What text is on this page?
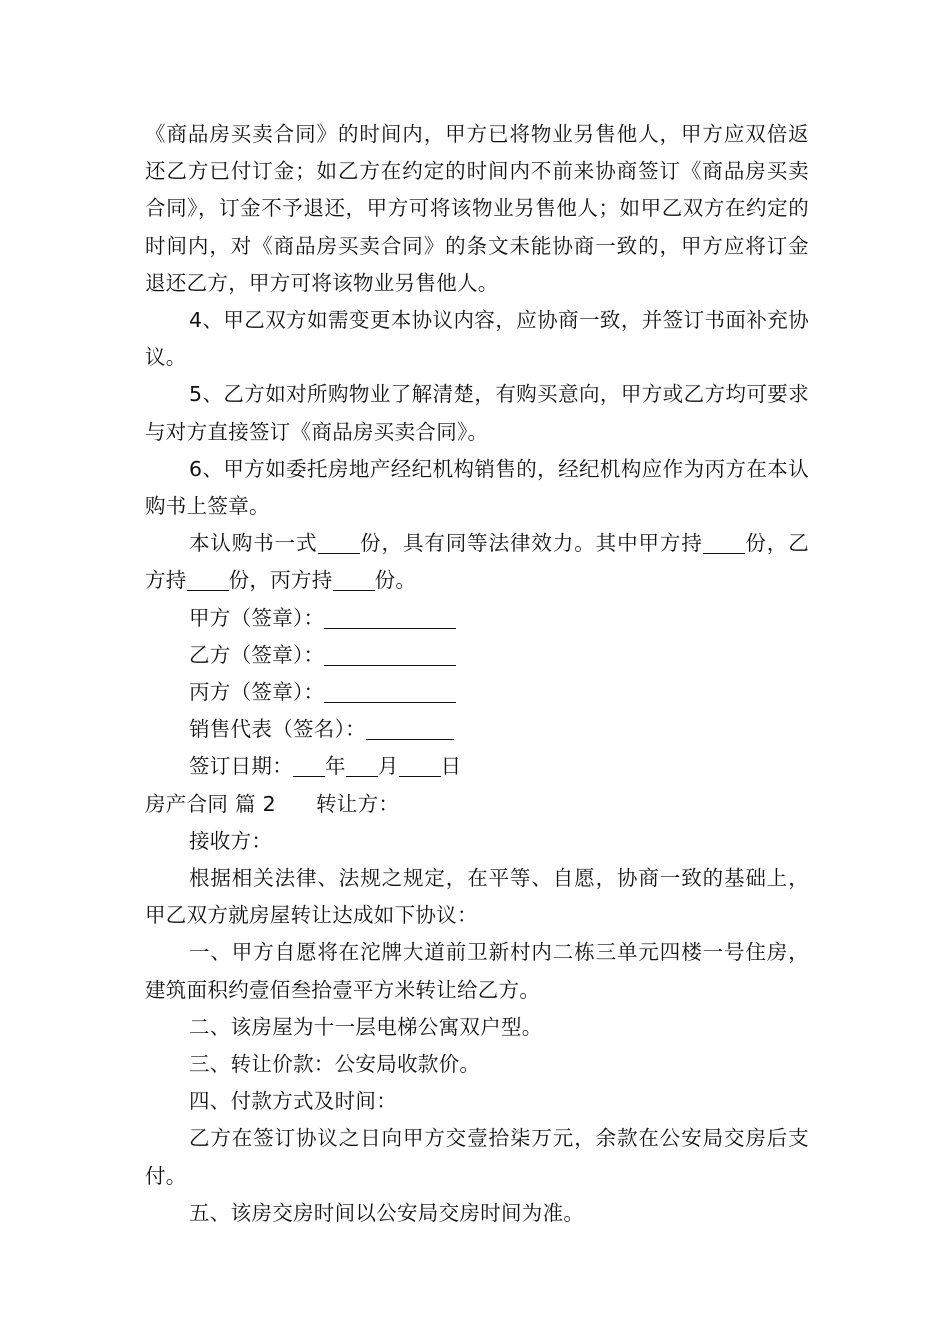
《商品房买卖合同》的时间内，甲方已将物业另售他人，甲方应双倍返还乙方已付订金；如乙方在约定的时间内不前来协商签订《商品房买卖合同》，订金不予退还，甲方可将该物业另售他人；如甲乙双方在约定的时间内，对《商品房买卖合同》的条文未能协商一致的，甲方应将订金退还乙方，甲方可将该物业另售他人。

4、甲乙双方如需变更本协议内容，应协商一致，并签订书面补充协议。

5、乙方如对所购物业了解清楚，有购买意向，甲方或乙方均可要求与对方直接签订《商品房买卖合同》。

6、甲方如委托房地产经纪机构销售的，经纪机构应作为丙方在本认购书上签章。

本认购书一式 份，具有同等法律效力。其中甲方持 份，乙方持 份，丙方持 份。

甲方（签章）：

乙方（签章）：

丙方（签章）：

销售代表（签名）：

签订日期： 年 月 日

房产合同 篇 2 转让方：

接收方：

根据相关法律、法规之规定，在平等、自愿，协商一致的基础上，甲乙双方就房屋转让达成如下协议：

一、甲方自愿将在沱牌大道前卫新村内二栋三单元四楼一号住房，建筑面积约壹佰叁拾壹平方米转让给乙方。

二、该房屋为十一层电梯公寓双户型。

三、转让价款：公安局收款价。

四、付款方式及时间：

乙方在签订协议之日向甲方交壹拾柒万元，余款在公安局交房后支付。

五、该房交房时间以公安局交房时间为准。
